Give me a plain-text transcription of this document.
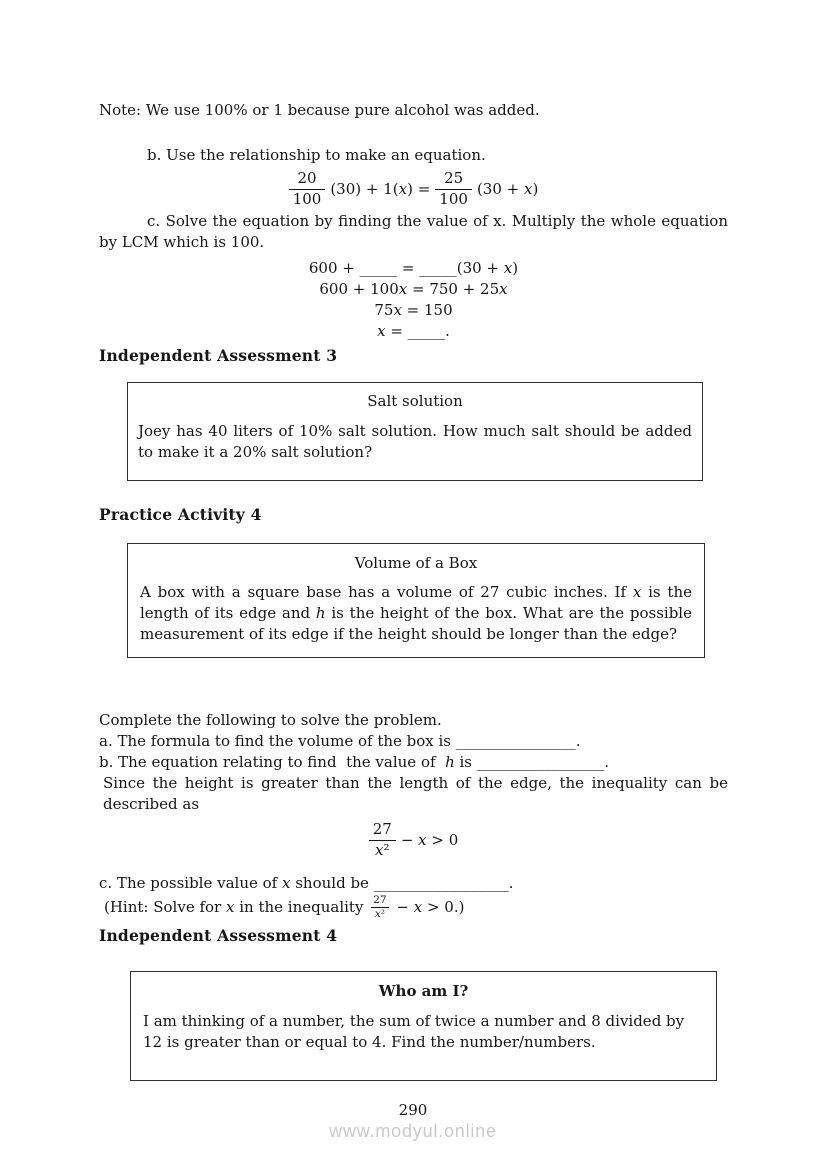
Note: We use 100% or 1 because pure alcohol was added.
b. Use the relationship to make an equation.
$\frac{20}{100} (30) + 1(x) = \frac{25}{100} (30 + x)$
c. Solve the equation by finding the value of x. Multiply the whole equation by LCM which is 100.
600 + _____ = _____(30 + x)
600 + 100x = 750 + 25x
75x = 150
x = _____.
Independent Assessment 3
Salt solution
Joey has 40 liters of 10% salt solution. How much salt should be added to make it a 20% salt solution?
Practice Activity 4
Volume of a Box
A box with a square base has a volume of 27 cubic inches. If x is the length of its edge and h is the height of the box. What are the possible measurement of its edge if the height should be longer than the edge?
Complete the following to solve the problem.
a. The formula to find the volume of the box is ________________.
b. The equation relating to find  the value of  h is _________________.
Since the height is greater than the length of the edge, the inequality can be described as
$\frac{27}{\text{x²}} - x > 0$
c. The possible value of x should be __________________.
(Hint: Solve for x in the inequality $\frac{27}{\text{x²}} - x > 0$.)
Independent Assessment 4
Who am I?
I am thinking of a number, the sum of twice a number and 8 divided by 12 is greater than or equal to 4. Find the number/numbers.
290
www.modyul.online
